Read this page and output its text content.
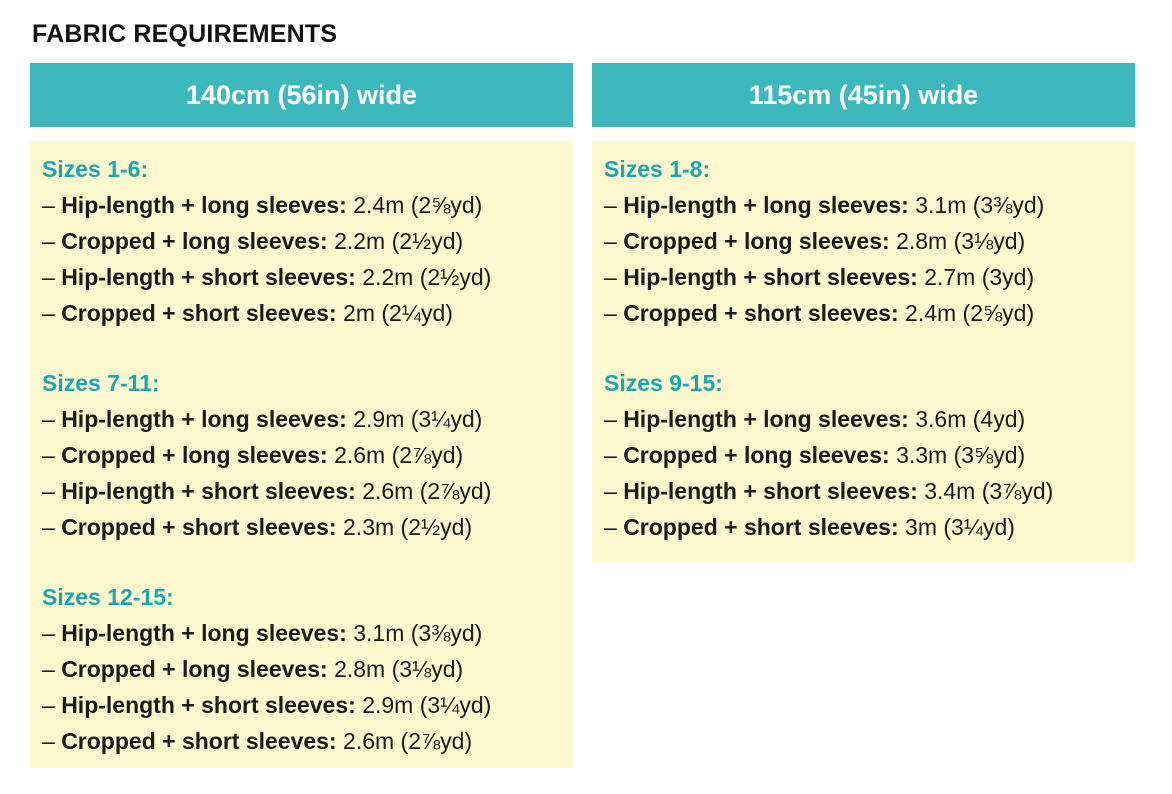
FABRIC REQUIREMENTS
140cm (56in) wide
Sizes 1-6:
– Hip-length + long sleeves: 2.4m (2⅝yd)
– Cropped + long sleeves: 2.2m (2½yd)
– Hip-length + short sleeves: 2.2m (2½yd)
– Cropped + short sleeves: 2m (2¼yd)
Sizes 7-11:
– Hip-length + long sleeves: 2.9m (3¼yd)
– Cropped + long sleeves: 2.6m (2⅞yd)
– Hip-length + short sleeves: 2.6m (2⅞yd)
– Cropped + short sleeves: 2.3m (2½yd)
Sizes 12-15:
– Hip-length + long sleeves: 3.1m (3⅜yd)
– Cropped + long sleeves: 2.8m (3⅛yd)
– Hip-length + short sleeves: 2.9m (3¼yd)
– Cropped + short sleeves: 2.6m (2⅞yd)
115cm (45in) wide
Sizes 1-8:
– Hip-length + long sleeves: 3.1m (3⅜yd)
– Cropped + long sleeves: 2.8m (3⅛yd)
– Hip-length + short sleeves: 2.7m (3yd)
– Cropped + short sleeves: 2.4m (2⅝yd)
Sizes 9-15:
– Hip-length + long sleeves: 3.6m (4yd)
– Cropped + long sleeves: 3.3m (3⅝yd)
– Hip-length + short sleeves: 3.4m (3⅞yd)
– Cropped + short sleeves: 3m (3¼yd)
